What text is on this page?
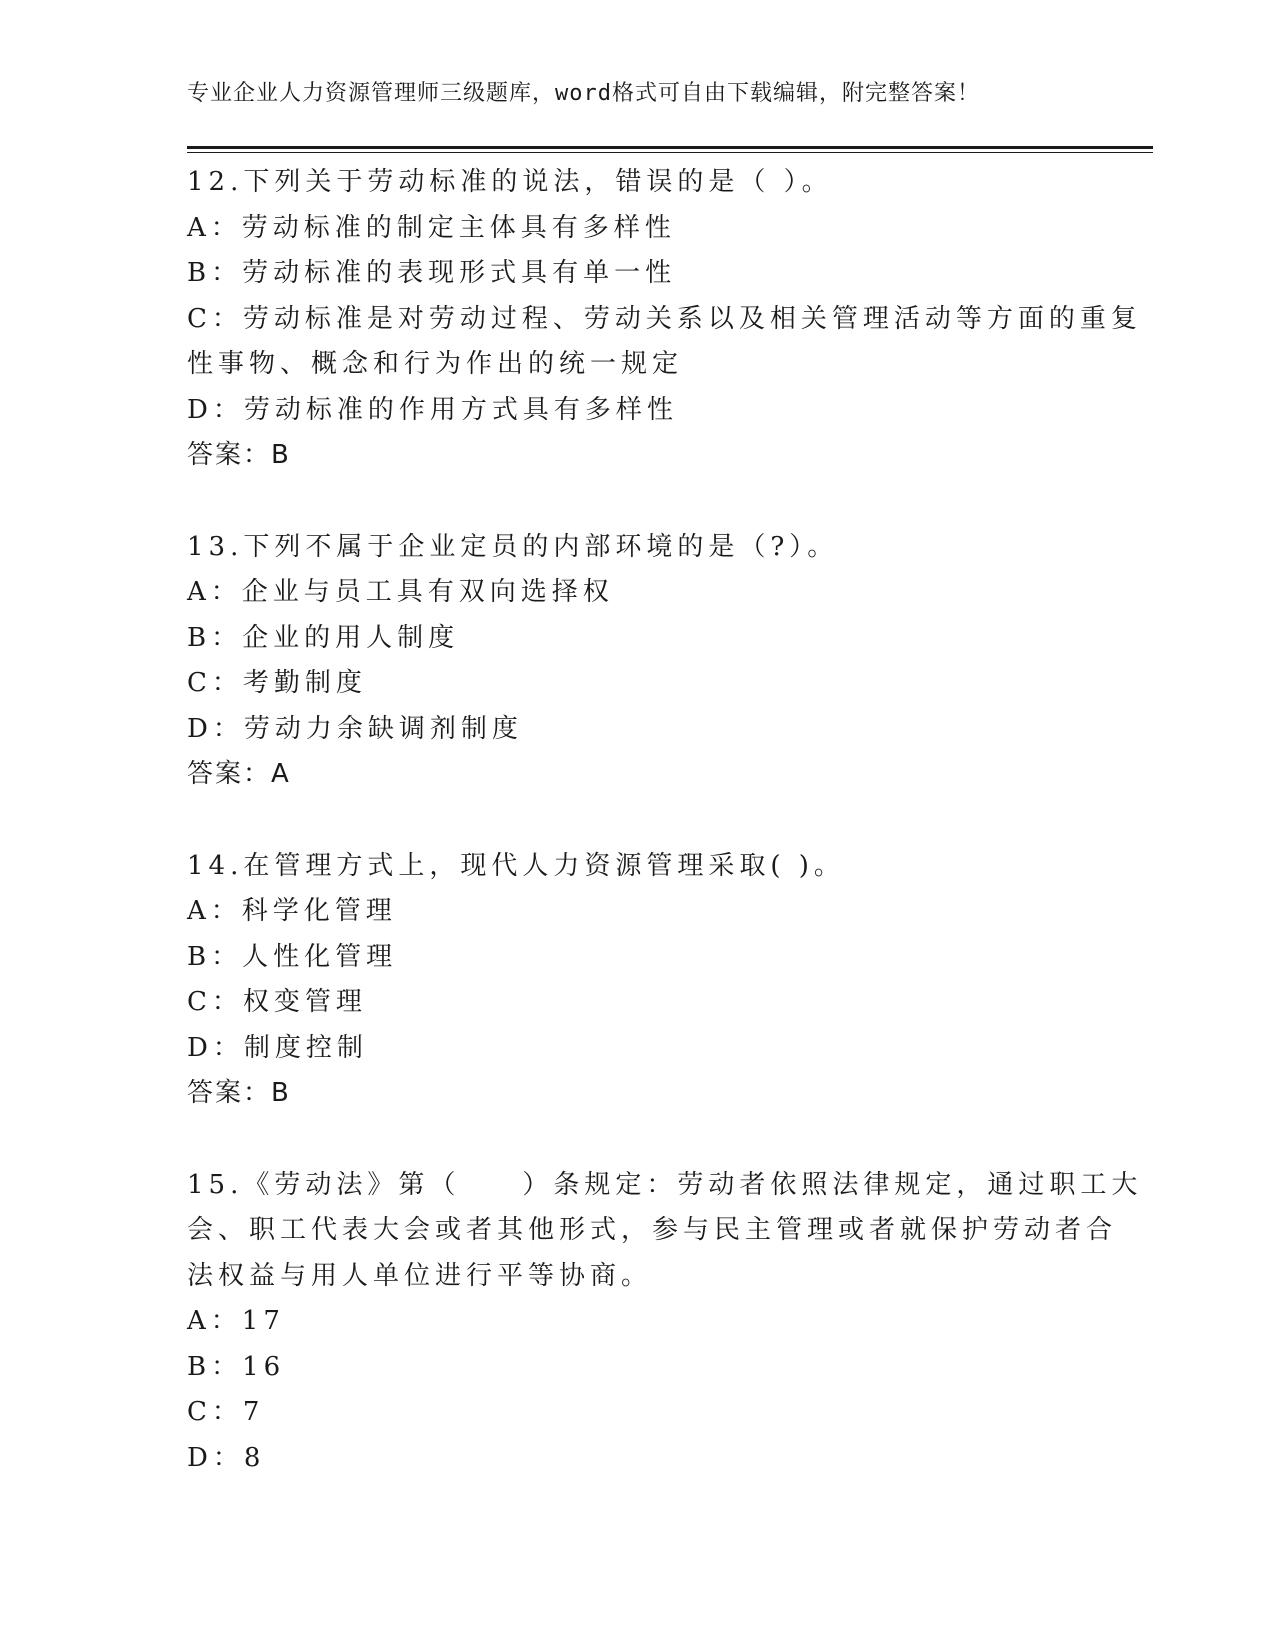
专业企业人力资源管理师三级题库，word格式可自由下载编辑，附完整答案！
12.下列关于劳动标准的说法，错误的是（ ）。
A：劳动标准的制定主体具有多样性
B：劳动标准的表现形式具有单一性
C：劳动标准是对劳动过程、劳动关系以及相关管理活动等方面的重复
性事物、概念和行为作出的统一规定
D：劳动标准的作用方式具有多样性
答案：B
13.下列不属于企业定员的内部环境的是（?）。
A：企业与员工具有双向选择权
B：企业的用人制度
C：考勤制度
D：劳动力余缺调剂制度
答案：A
14.在管理方式上，现代人力资源管理采取( )。
A：科学化管理
B：人性化管理
C：权变管理
D：制度控制
答案：B
15.《劳动法》第（　　）条规定：劳动者依照法律规定，通过职工大
会、职工代表大会或者其他形式，参与民主管理或者就保护劳动者合
法权益与用人单位进行平等协商。
A：17
B：16
C：7
D：8
